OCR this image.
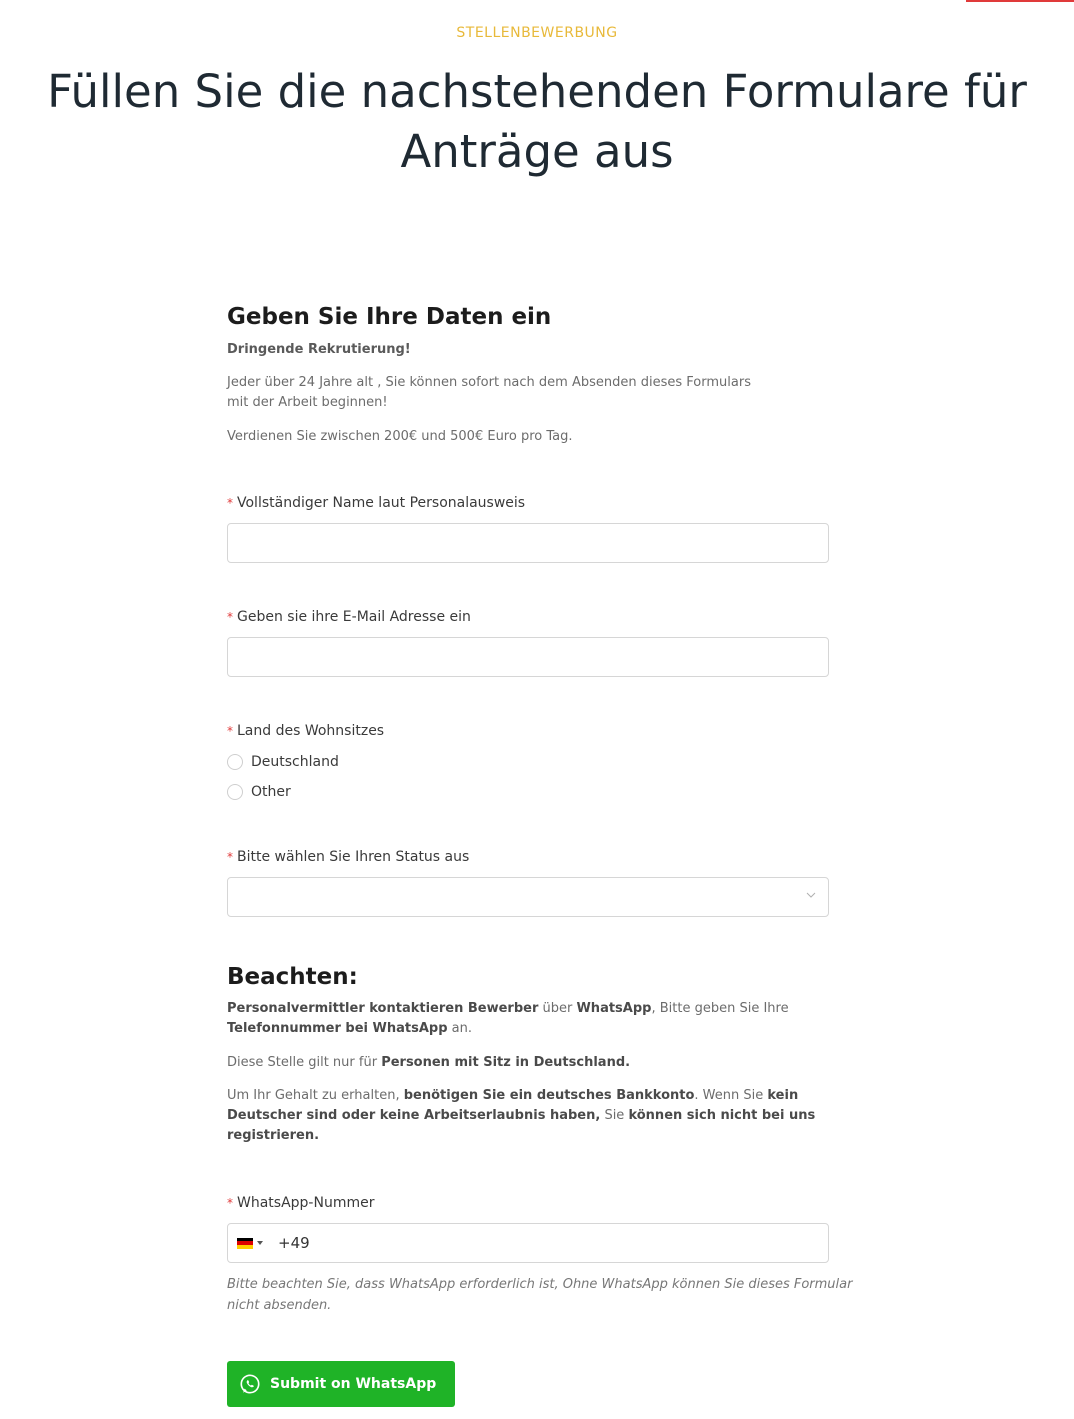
STELLENBEWERBUNG
Füllen Sie die nachstehenden Formulare für Anträge aus
Geben Sie Ihre Daten ein
Dringende Rekrutierung!
Jeder über 24 Jahre alt , Sie können sofort nach dem Absenden dieses Formulars
mit der Arbeit beginnen!
Verdienen Sie zwischen 200€ und 500€ Euro pro Tag.
* Vollständiger Name laut Personalausweis
* Geben sie ihre E-Mail Adresse ein
* Land des Wohnsitzes
Deutschland
Other
* Bitte wählen Sie Ihren Status aus
Beachten:
Personalvermittler kontaktieren Bewerber über WhatsApp, Bitte geben Sie Ihre
Telefonnummer bei WhatsApp an.
Diese Stelle gilt nur für Personen mit Sitz in Deutschland.
Um Ihr Gehalt zu erhalten, benötigen Sie ein deutsches Bankkonto. Wenn Sie kein
Deutscher sind oder keine Arbeitserlaubnis haben, Sie können sich nicht bei uns
registrieren.
* WhatsApp-Nummer
+49
Bitte beachten Sie, dass WhatsApp erforderlich ist, Ohne WhatsApp können Sie dieses Formular
nicht absenden.
Submit on WhatsApp
